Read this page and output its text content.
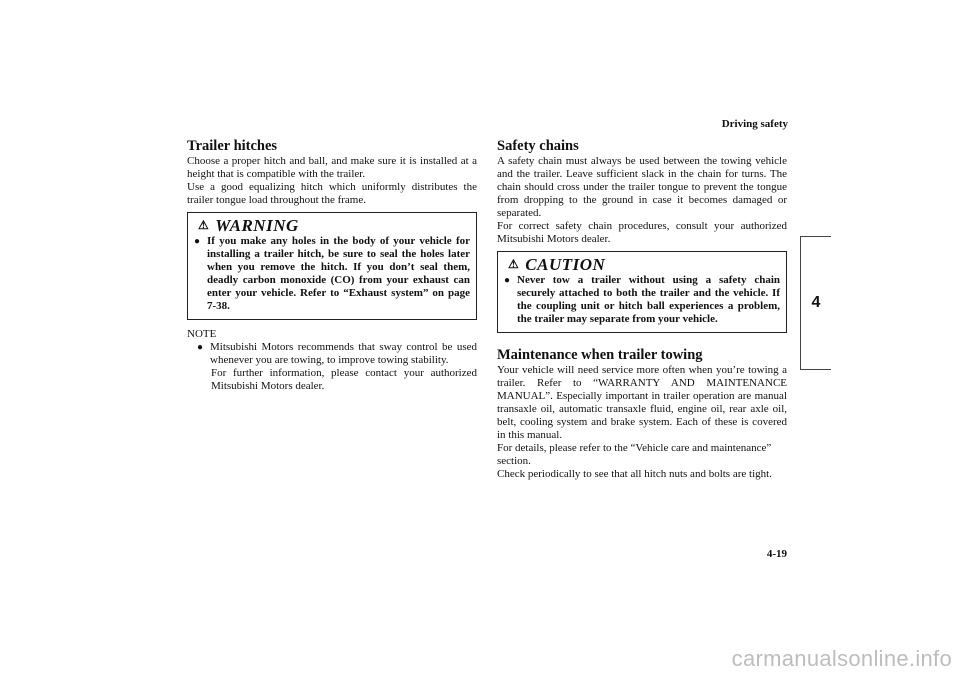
Driving safety
Trailer hitches

Choose a proper hitch and ball, and make sure it is installed at a height that is compatible with the trailer.

Use a good equalizing hitch which uniformly distributes the trailer tongue load throughout the frame.

⚠ WARNING
● If you make any holes in the body of your vehicle for installing a trailer hitch, be sure to seal the holes later when you remove the hitch. If you don’t seal them, deadly carbon monoxide (CO) from your exhaust can enter your vehicle. Refer to “Exhaust system” on page 7-38.

NOTE
● Mitsubishi Motors recommends that sway control be used whenever you are towing, to improve towing stability.

For further information, please contact your authorized Mitsubishi Motors dealer.

Safety chains

A safety chain must always be used between the towing vehicle and the trailer. Leave sufficient slack in the chain for turns. The chain should cross under the trailer tongue to prevent the tongue from dropping to the ground in case it becomes damaged or separated.

For correct safety chain procedures, consult your authorized Mitsubishi Motors dealer.

⚠ CAUTION
● Never tow a trailer without using a safety chain securely attached to both the trailer and the vehicle. If the coupling unit or hitch ball experiences a problem, the trailer may separate from your vehicle.

Maintenance when trailer towing

Your vehicle will need service more often when you’re towing a trailer. Refer to “WARRANTY AND MAINTENANCE MANUAL”. Especially important in trailer operation are manual transaxle oil, automatic transaxle fluid, engine oil, rear axle oil, belt, cooling system and brake system. Each of these is covered in this manual.

For details, please refer to the “Vehicle care and maintenance” section.

Check periodically to see that all hitch nuts and bolts are tight.

4
4-19
carmanualsonline.info
